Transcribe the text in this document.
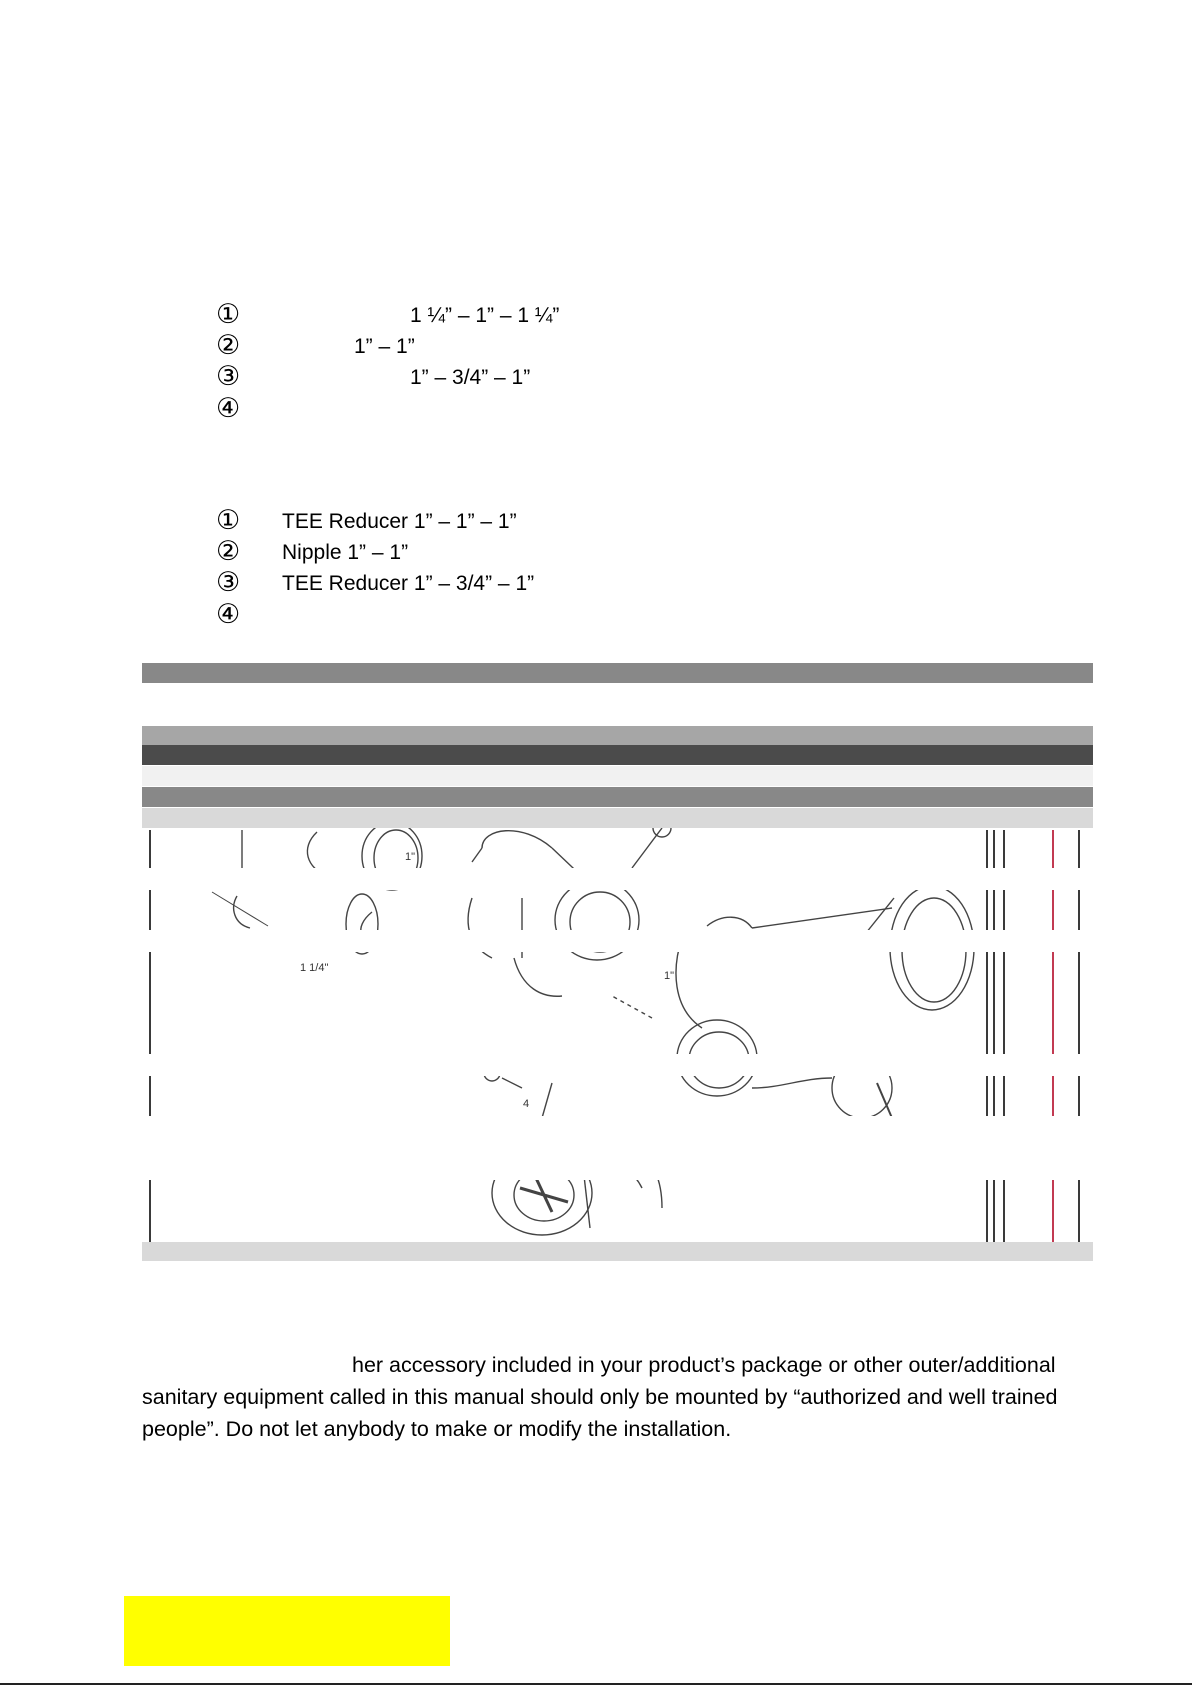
①	1 ¼” – 1” – 1 ¼”
②	1” – 1”
③	1” – 3/4” – 1”
④
① TEE Reducer 1” – 1” – 1”
② Nipple 1” – 1”
③ TEE Reducer 1” – 3/4” – 1”
④
1"
1 1/4"
1"
4
her accessory included in your product’s package or other outer/additional
sanitary equipment called in this manual should only be mounted by “authorized and well trained
people”. Do not let anybody to make or modify the installation.
